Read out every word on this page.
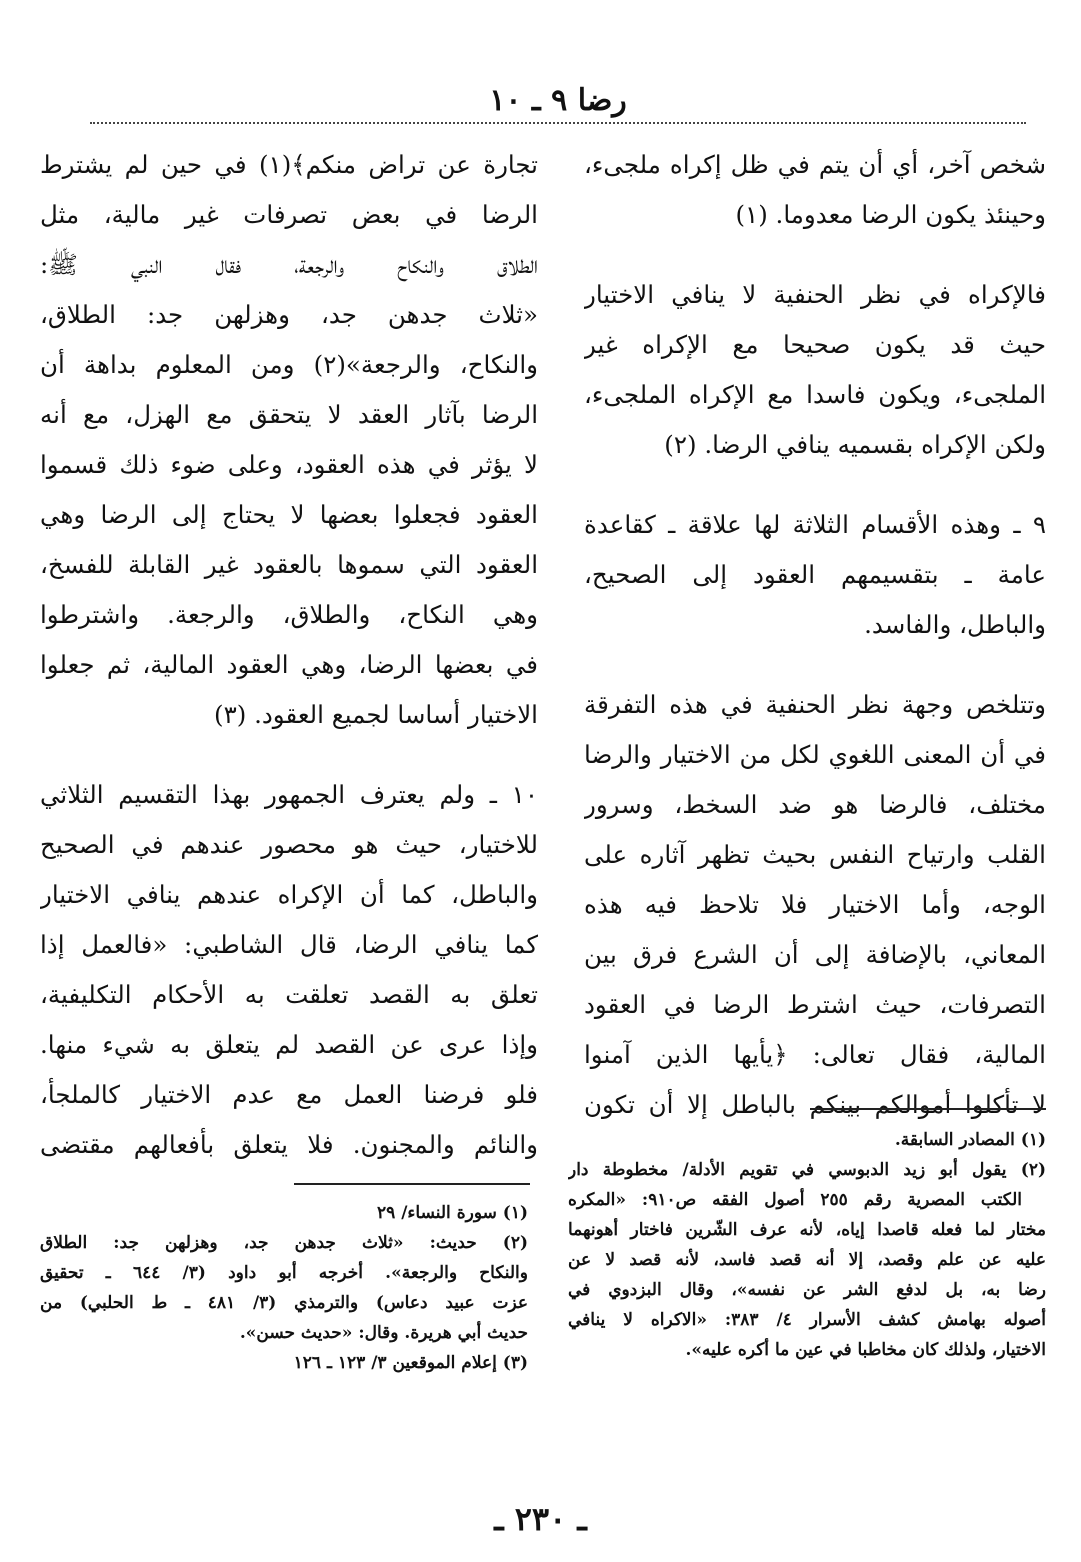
رضا ٩ ـ ١٠
شخص آخر، أي أن يتم في ظل إكراه ملجىء،
وحينئذ يكون الرضا معدوما. (١)
فالإكراه في نظر الحنفية لا ينافي الاختيار
حيث قد يكون صحيحا مع الإكراه غير
الملجىء، ويكون فاسدا مع الإكراه الملجىء،
ولكن الإكراه بقسميه ينافي الرضا. (٢)
٩ ـ وهذه الأقسام الثلاثة لها علاقة ـ كقاعدة
عامة ـ بتقسيمهم العقود إلى الصحيح،
والباطل، والفاسد.
وتتلخص وجهة نظر الحنفية في هذه التفرقة
في أن المعنى اللغوي لكل من الاختيار والرضا
مختلف، فالرضا هو ضد السخط، وسرور
القلب وارتياح النفس بحيث تظهر آثاره على
الوجه، وأما الاختيار فلا تلاحظ فيه هذه
المعاني، بالإضافة إلى أن الشرع فرق بين
التصرفات، حيث اشترط الرضا في العقود
المالية، فقال تعالى: ﴿يأيها الذين آمنوا
لا تأكلوا أموالكم بينكم بالباطل إلا أن تكون
تجارة عن تراض منكم﴾(١) في حين لم يشترط
الرضا في بعض تصرفات غير مالية، مثل
الطلاق والنكاح والرجعة، فقال النبي ﷺ:
«ثلاث جدهن جد، وهزلهن جد: الطلاق،
والنكاح، والرجعة»(٢) ومن المعلوم بداهة أن
الرضا بآثار العقد لا يتحقق مع الهزل، مع أنه
لا يؤثر في هذه العقود، وعلى ضوء ذلك قسموا
العقود فجعلوا بعضها لا يحتاج إلى الرضا وهي
العقود التي سموها بالعقود غير القابلة للفسخ،
وهي النكاح، والطلاق، والرجعة. واشترطوا
في بعضها الرضا، وهي العقود المالية، ثم جعلوا
الاختيار أساسا لجميع العقود. (٣)
١٠ ـ ولم يعترف الجمهور بهذا التقسيم الثلاثي
للاختيار، حيث هو محصور عندهم في الصحيح
والباطل، كما أن الإكراه عندهم ينافي الاختيار
كما ينافي الرضا، قال الشاطبي: «فالعمل إذا
تعلق به القصد تعلقت به الأحكام التكليفية،
وإذا عرى عن القصد لم يتعلق به شيء منها.
فلو فرضنا العمل مع عدم الاختيار كالملجأ،
والنائم والمجنون. فلا يتعلق بأفعالهم مقتضى	(١) المصادر السابقة.
(٢) يقول أبو زيد الدبوسي في تقويم الأدلة/ مخطوطة دار
الكتب المصرية رقم ٢٥٥ أصول الفقه ص٩١٠: «المكره
مختار لما فعله قاصدا إياه، لأنه عرف الشّرين فاختار أهونهما
عليه عن علم وقصد، إلا أنه قصد فاسد، لأنه قصد لا عن
رضا به، بل لدفع الشر عن نفسه»، وقال البزدوي في
أصوله بهامش كشف الأسرار ٤/ ٣٨٣: «الاكراه لا ينافي
الاختيار، ولذلك كان مخاطبا في عين ما أكره عليه».
(١) سورة النساء/ ٢٩
(٢) حديث: «ثلاث جدهن جد، وهزلهن جد: الطلاق
والنكاح والرجعة». أخرجه أبو داود (٣/ ٦٤٤ ـ تحقيق
عزت عبيد دعاس) والترمذي (٣/ ٤٨١ ـ ط الحلبي) من
حديث أبي هريرة. وقال: «حديث حسن».
(٣) إعلام الموقعين ٣/ ١٢٣ ـ ١٢٦
ـ ٢٣٠ ـ
